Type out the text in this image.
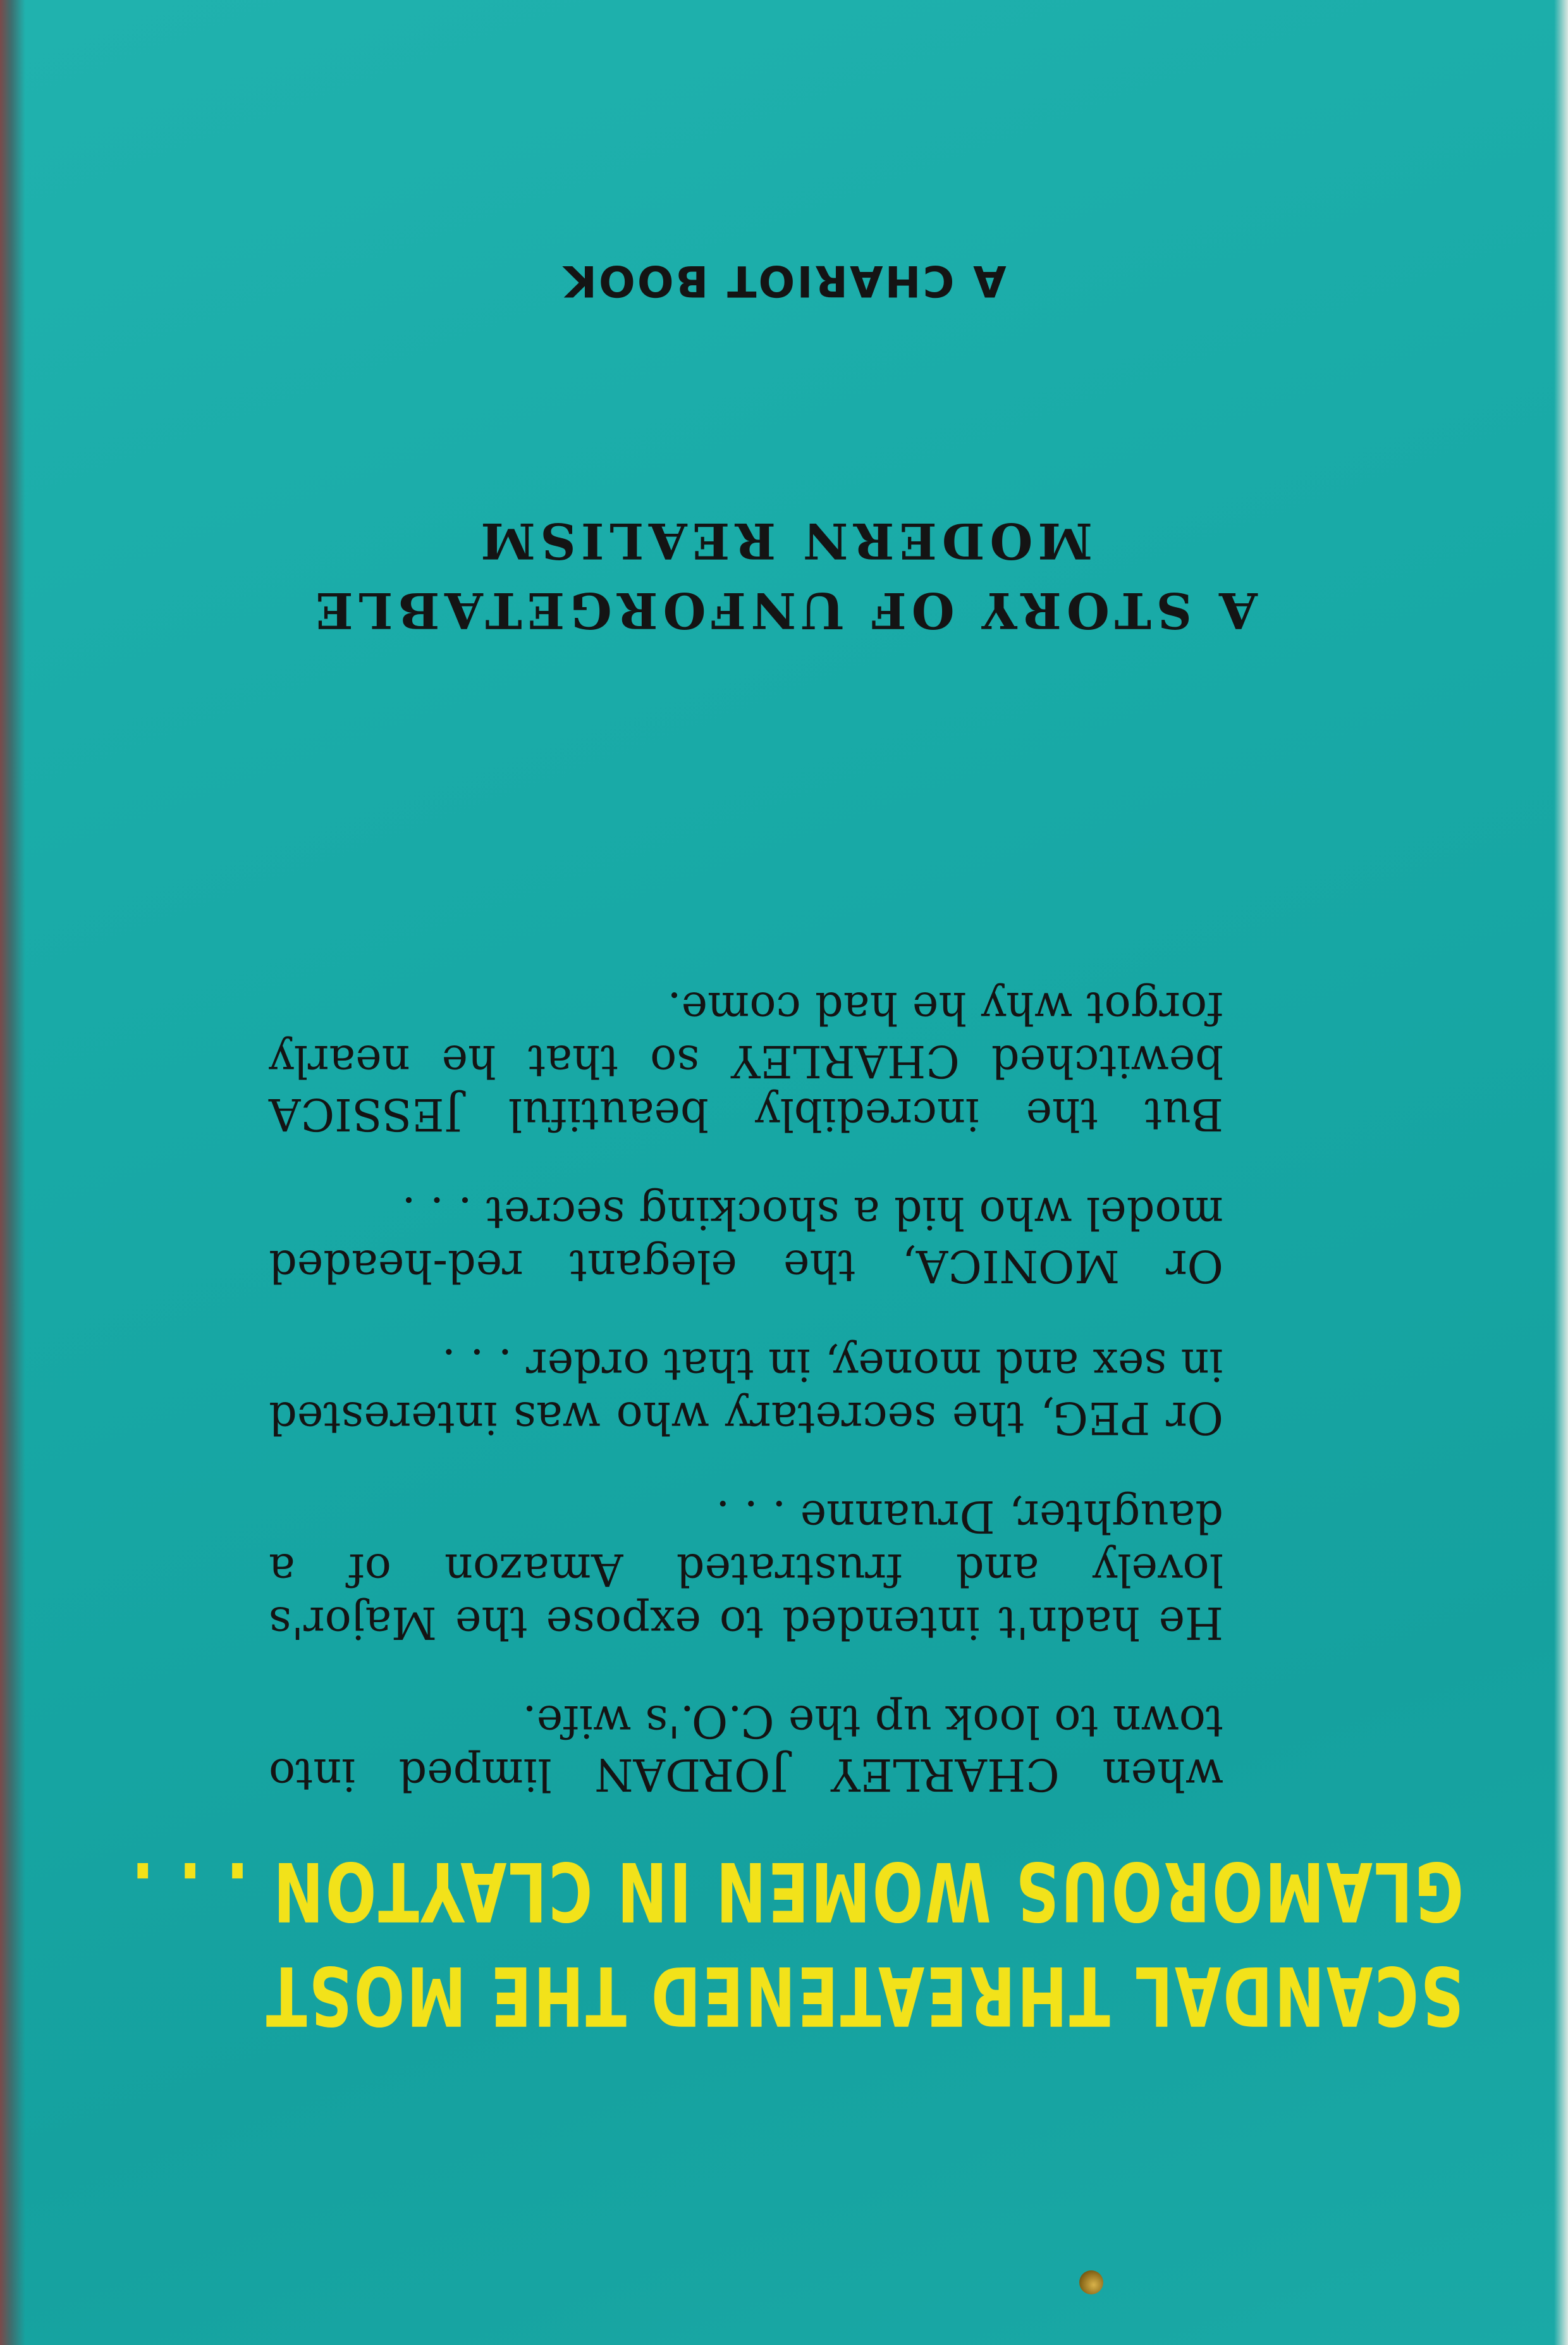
SCANDAL THREATENED THE MOST
GLAMOROUS WOMEN IN CLAYTON . . .

when CHARLEY JORDAN limped into town to look up the C.O.'s wife.

He hadn't intended to expose the Major's lovely and frustrated Amazon of a daughter, Druanne . . .

Or PEG, the secretary who was interested in sex and money, in that order . . .

Or MONICA, the elegant red-headed model who hid a shocking secret . . .

But the incredibly beautiful JESSICA bewitched CHARLEY so that he nearly forgot why he had come.

A STORY OF UNFORGETABLE
MODERN REALISM
A CHARIOT BOOK
